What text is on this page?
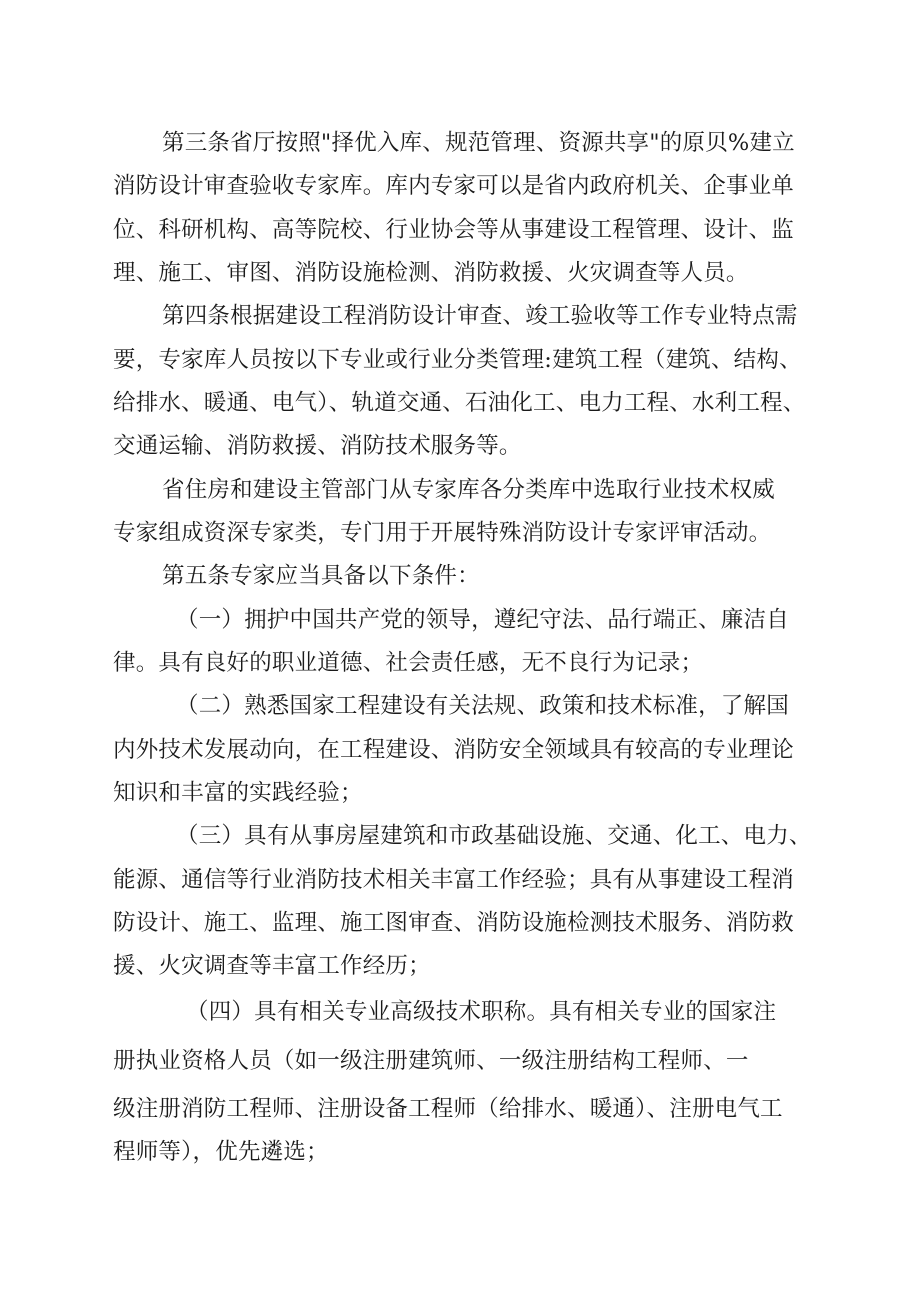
第三条省厅按照"择优入库、规范管理、资源共享"的原贝%建立
消防设计审查验收专家库。库内专家可以是省内政府机关、企事业单
位、科研机构、高等院校、行业协会等从事建设工程管理、设计、监
理、施工、审图、消防设施检测、消防救援、火灾调查等人员。
第四条根据建设工程消防设计审查、竣工验收等工作专业特点需
要，专家库人员按以下专业或行业分类管理:建筑工程（建筑、结构、
给排水、暖通、电气）、轨道交通、石油化工、电力工程、水利工程、
交通运输、消防救援、消防技术服务等。
省住房和建设主管部门从专家库各分类库中选取行业技术权威
专家组成资深专家类，专门用于开展特殊消防设计专家评审活动。
第五条专家应当具备以下条件：
（一）拥护中国共产党的领导，遵纪守法、品行端正、廉洁自
律。具有良好的职业道德、社会责任感，无不良行为记录；
（二）熟悉国家工程建设有关法规、政策和技术标准，了解国
内外技术发展动向，在工程建设、消防安全领域具有较高的专业理论
知识和丰富的实践经验；
（三）具有从事房屋建筑和市政基础设施、交通、化工、电力、
能源、通信等行业消防技术相关丰富工作经验；具有从事建设工程消
防设计、施工、监理、施工图审查、消防设施检测技术服务、消防救
援、火灾调查等丰富工作经历；
（四）具有相关专业高级技术职称。具有相关专业的国家注
册执业资格人员（如一级注册建筑师、一级注册结构工程师、一
级注册消防工程师、注册设备工程师（给排水、暖通）、注册电气工
程师等），优先遴选；
